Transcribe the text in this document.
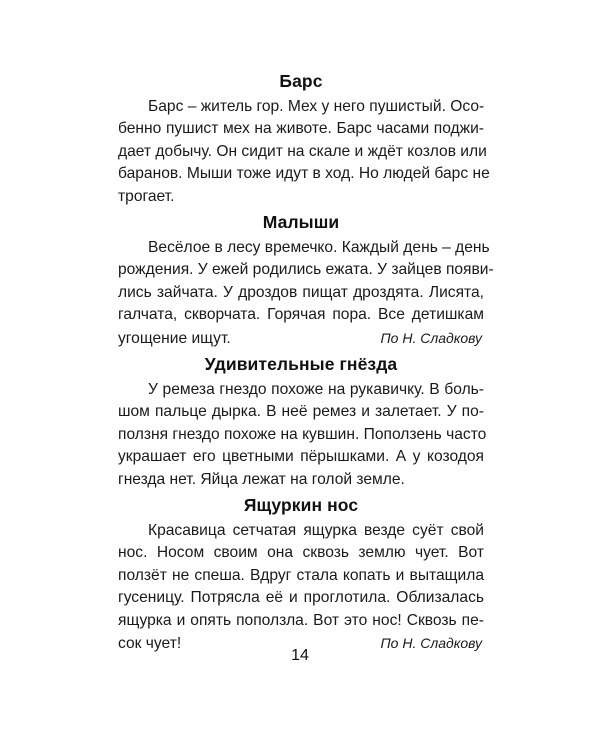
Барс
Барс – житель гор. Мех у него пушистый. Осо-
бенно пушист мех на животе. Барс часами поджи-
дает добычу. Он сидит на скале и ждёт козлов или
баранов. Мыши тоже идут в ход. Но людей барс не
трогает.
Малыши
Весёлое в лесу времечко. Каждый день – день
рождения. У ежей родились ежата. У зайцев появи-
лись зайчата. У дроздов пищат дроздята. Лисята,
галчата, скворчата. Горячая пора. Все детишкам
угощение ищут.	По Н. Сладкову
Удивительные гнёзда
У ремеза гнездо похоже на рукавичку. В боль-
шом пальце дырка. В неё ремез и залетает. У по-
ползня гнездо похоже на кувшин. Поползень часто
украшает его цветными пёрышками. А у козодоя
гнезда нет. Яйца лежат на голой земле.
Ящуркин нос
Красавица сетчатая ящурка везде суёт свой
нос. Носом своим она сквозь землю чует. Вот
ползёт не спеша. Вдруг стала копать и вытащила
гусеницу. Потрясла её и проглотила. Облизалась
ящурка и опять поползла. Вот это нос! Сквозь пе-
сок чует!	По Н. Сладкову
14
